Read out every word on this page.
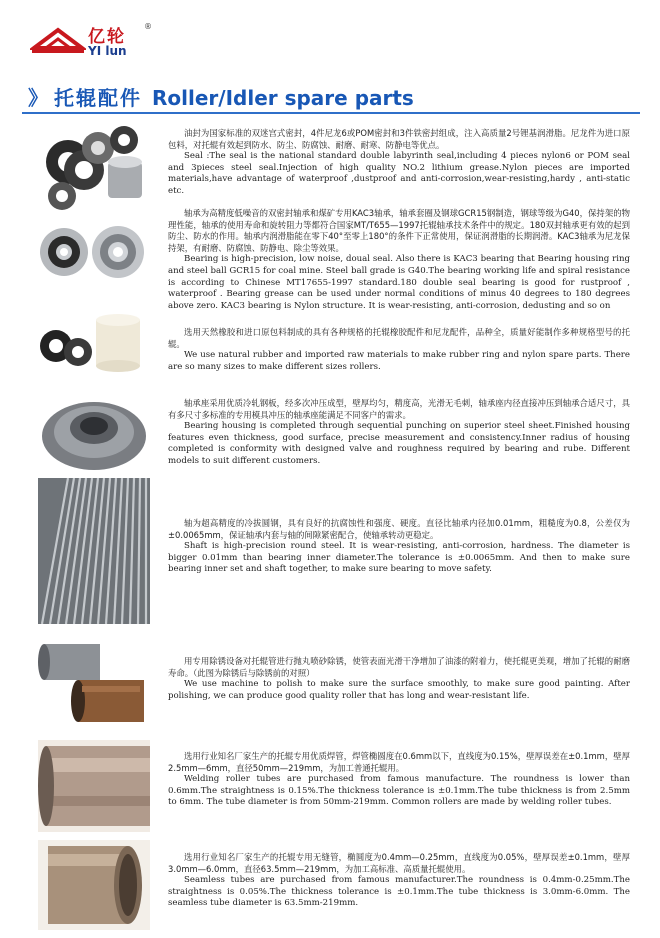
亿轮
®
YI lun
》 托辊配件 Roller/Idler spare parts

油封为国家标准的双迷宫式密封，4件尼龙6或POM密封和3件铁密封组成，注入高质量2号锂基润滑脂。尼龙件为进口原包料，对托辊有效起到防水、防尘、防腐蚀、耐磨、耐寒、防静电等优点。

Seal :The seal is the national standard double labyrinth seal,including 4 pieces nylon6 or POM seal and 3pieces steel seal.Injection of high quality NO.2 lithium grease.Nylon pieces are imported materials,have advantage of waterproof ,dustproof and anti-corrosion,wear-resisting,hardy , anti-static etc.

轴承为高精度低噪音的双密封轴承和煤矿专用KAC3轴承，轴承套圈及钢球GCR15钢制造，钢球等级为G40，保持架的物理性能，轴承的使用寿命和旋转阻力等都符合国家MT/T655—1997托辊轴承技术条件中的规定。180双封轴承更有效的起到防尘、防水的作用。轴承内润滑脂能在零下40°至零上180°的条件下正常使用，保证润滑脂的长期润滑。KAC3轴承为尼龙保持架，有耐磨、防腐蚀、防静电、除尘等效果。

Bearing is high-precision, low noise, doual seal. Also there is KAC3 bearing that Bearing housing ring and steel ball GCR15 for coal mine. Steel ball grade is G40.The bearing working life and spiral resistance is according to Chinese MT17655-1997 standard.180 double seal bearing is good for rustproof , waterproof . Bearing grease can be used under normal conditions of minus 40 degrees to 180 degrees above zero. KAC3 bearing is Nylon structure. It is wear-resisting, anti-corrosion, dedusting and so on

选用天然橡胶和进口原包料制成的具有各种规格的托辊橡胶配件和尼龙配件，品种全，质量好能制作多种规格型号的托辊。

We use natural rubber and imported raw materials to make rubber ring and nylon spare parts. There are so many sizes to make different sizes rollers.

轴承座采用优质冷轧钢板，经多次冲压成型，壁厚均匀，精度高，光滑无毛刺，轴承座内径直接冲压到轴承合适尺寸，具有多尺寸多标准的专用模具冲压的轴承座能满足不同客户的需求。

Bearing housing is completed through sequential punching on superior steel sheet.Finished housing features even thickness, good surface, precise measurement and consistency.Inner radius of housing completed is conformity with designed valve and roughness required by bearing and rube. Different models to suit different customers.

轴为超高精度的冷拔圆钢，具有良好的抗腐蚀性和强度、硬度。直径比轴承内径加0.01mm，粗糙度为0.8，公差仅为±0.0065mm，保证轴承内套与轴的间隙紧密配合，使轴承转动更稳定。

Shaft is high-precision round steel. It is wear-resisting, anti-corrosion, hardness. The diameter is bigger 0.01mm than bearing inner diameter.The tolerance is ±0.0065mm. And then to make sure bearing inner set and shaft together, to make sure bearing to move safety.

用专用除锈设备对托辊管进行抛丸喷砂除锈，使管表面光滑干净增加了油漆的附着力，使托辊更美观，增加了托辊的耐磨寿命。（此图为除锈后与除锈前的对照）

We use machine to polish to make sure the surface smoothly, to make sure good painting. After polishing, we can produce good quality roller that has long and wear-resistant life.

选用行业知名厂家生产的托辊专用优质焊管，焊管椭圆度在0.6mm以下，直线度为0.15%，壁厚误差在±0.1mm，壁厚2.5mm—6mm，直径50mm—219mm，为加工普通托辊用。

Welding roller tubes are purchased from famous manufacture. The roundness is lower than 0.6mm.The straightness is 0.15%.The thickness tolerance is ±0.1mm.The tube thickness is from 2.5mm to 6mm. The tube diameter is from 50mm-219mm. Common rollers are made by welding roller tubes.

选用行业知名厂家生产的托辊专用无缝管，椭圆度为0.4mm—0.25mm，直线度为0.05%，壁厚误差±0.1mm，壁厚3.0mm—6.0mm，直径63.5mm—219mm，为加工高标准、高质量托辊使用。

Seamless tubes are purchased from famous manufacturer.The roundness is 0.4mm-0.25mm.The straightness is 0.05%.The thickness tolerance is ±0.1mm.The tube thickness is 3.0mm-6.0mm. The seamless tube diameter is 63.5mm-219mm.
